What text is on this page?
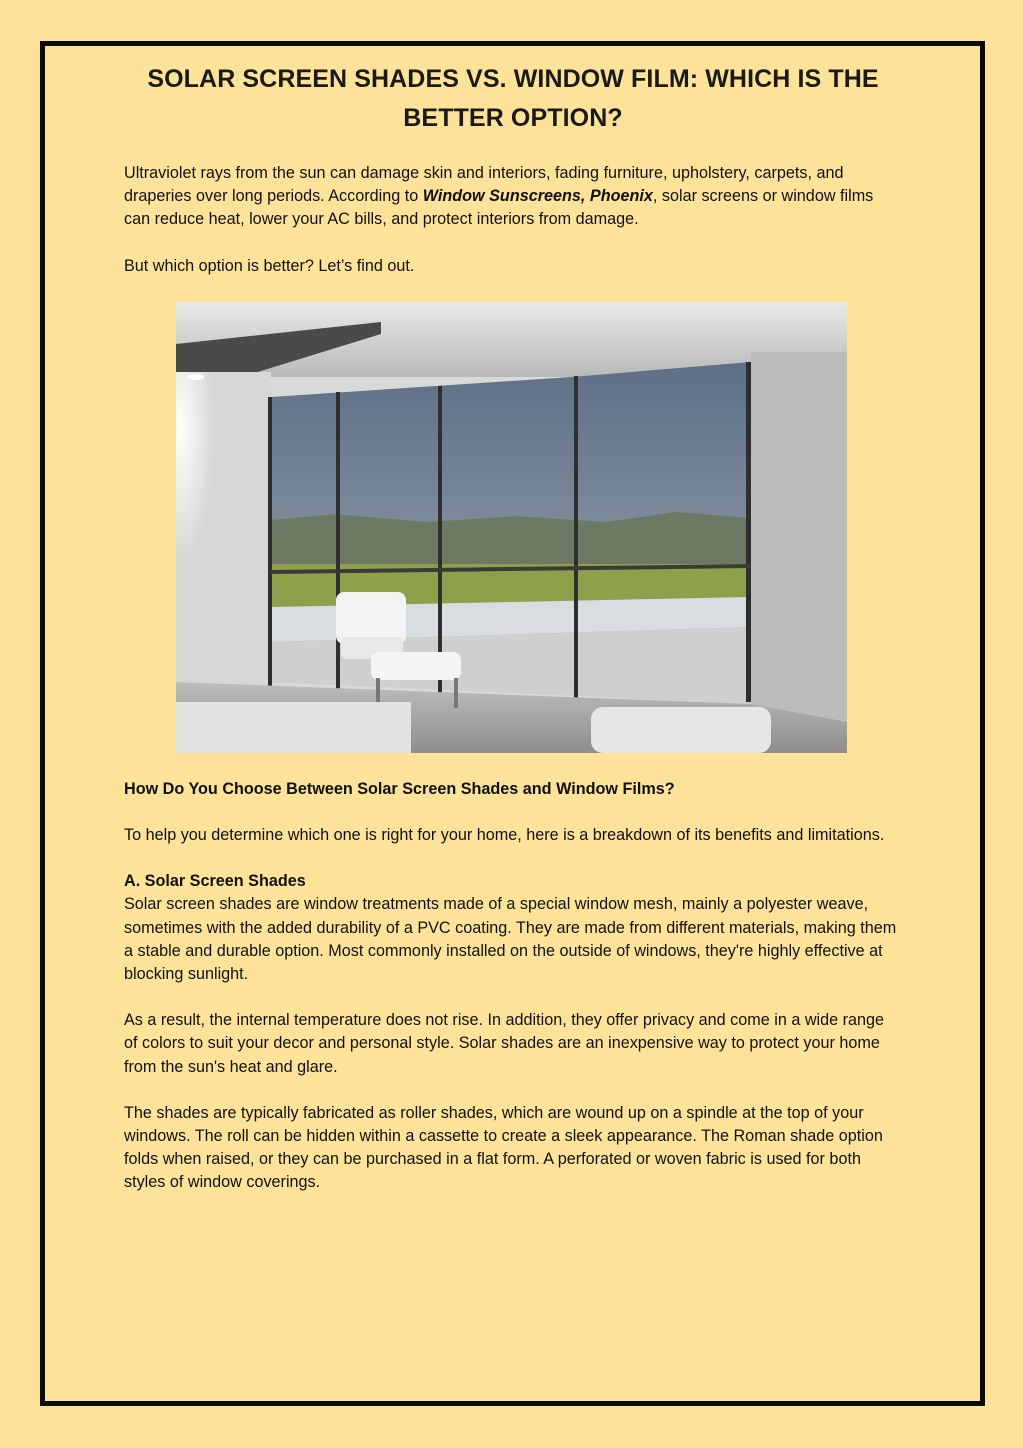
SOLAR SCREEN SHADES VS. WINDOW FILM: WHICH IS THE BETTER OPTION?

Ultraviolet rays from the sun can damage skin and interiors, fading furniture, upholstery, carpets, and draperies over long periods. According to Window Sunscreens, Phoenix, solar screens or window films can reduce heat, lower your AC bills, and protect interiors from damage.

But which option is better? Let’s find out.

How Do You Choose Between Solar Screen Shades and Window Films?

To help you determine which one is right for your home, here is a breakdown of its benefits and limitations.

A. Solar Screen Shades

Solar screen shades are window treatments made of a special window mesh, mainly a polyester weave, sometimes with the added durability of a PVC coating. They are made from different materials, making them a stable and durable option. Most commonly installed on the outside of windows, they're highly effective at blocking sunlight.

As a result, the internal temperature does not rise. In addition, they offer privacy and come in a wide range of colors to suit your decor and personal style. Solar shades are an inexpensive way to protect your home from the sun's heat and glare.

The shades are typically fabricated as roller shades, which are wound up on a spindle at the top of your windows. The roll can be hidden within a cassette to create a sleek appearance. The Roman shade option folds when raised, or they can be purchased in a flat form. A perforated or woven fabric is used for both styles of window coverings.
